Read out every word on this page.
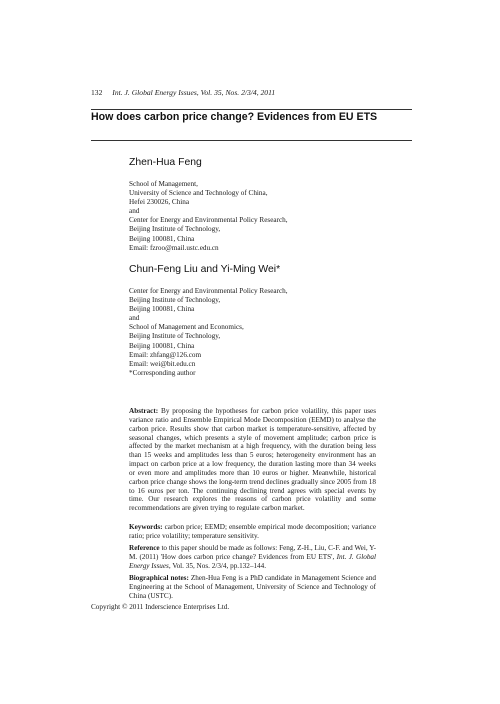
132 Int. J. Global Energy Issues, Vol. 35, Nos. 2/3/4, 2011
How does carbon price change? Evidences from EU ETS
Zhen-Hua Feng
School of Management,
University of Science and Technology of China,
Hefei 230026, China
and
Center for Energy and Environmental Policy Research,
Beijing Institute of Technology,
Beijing 100081, China
Email: fzroo@mail.ustc.edu.cn
Chun-Feng Liu and Yi-Ming Wei*
Center for Energy and Environmental Policy Research,
Beijing Institute of Technology,
Beijing 100081, China
and
School of Management and Economics,
Beijing Institute of Technology,
Beijing 100081, China
Email: zhfang@126.com
Email: wei@bit.edu.cn
*Corresponding author

Abstract: By proposing the hypotheses for carbon price volatility, this paper uses variance ratio and Ensemble Empirical Mode Decomposition (EEMD) to analyse the carbon price. Results show that carbon market is temperature-sensitive, affected by seasonal changes, which presents a style of movement amplitude; carbon price is affected by the market mechanism at a high frequency, with the duration being less than 15 weeks and amplitudes less than 5 euros; heterogeneity environment has an impact on carbon price at a low frequency, the duration lasting more than 34 weeks or even more and amplitudes more than 10 euros or higher. Meanwhile, historical carbon price change shows the long-term trend declines gradually since 2005 from 18 to 16 euros per ton. The continuing declining trend agrees with special events by time. Our research explores the reasons of carbon price volatility and some recommendations are given trying to regulate carbon market.

Keywords: carbon price; EEMD; ensemble empirical mode decomposition; variance ratio; price volatility; temperature sensitivity.

Reference to this paper should be made as follows: Feng, Z-H., Liu, C-F. and Wei, Y-M. (2011) 'How does carbon price change? Evidences from EU ETS', Int. J. Global Energy Issues, Vol. 35, Nos. 2/3/4, pp.132–144.

Biographical notes: Zhen-Hua Feng is a PhD candidate in Management Science and Engineering at the School of Management, University of Science and Technology of China (USTC).

Copyright © 2011 Inderscience Enterprises Ltd.
